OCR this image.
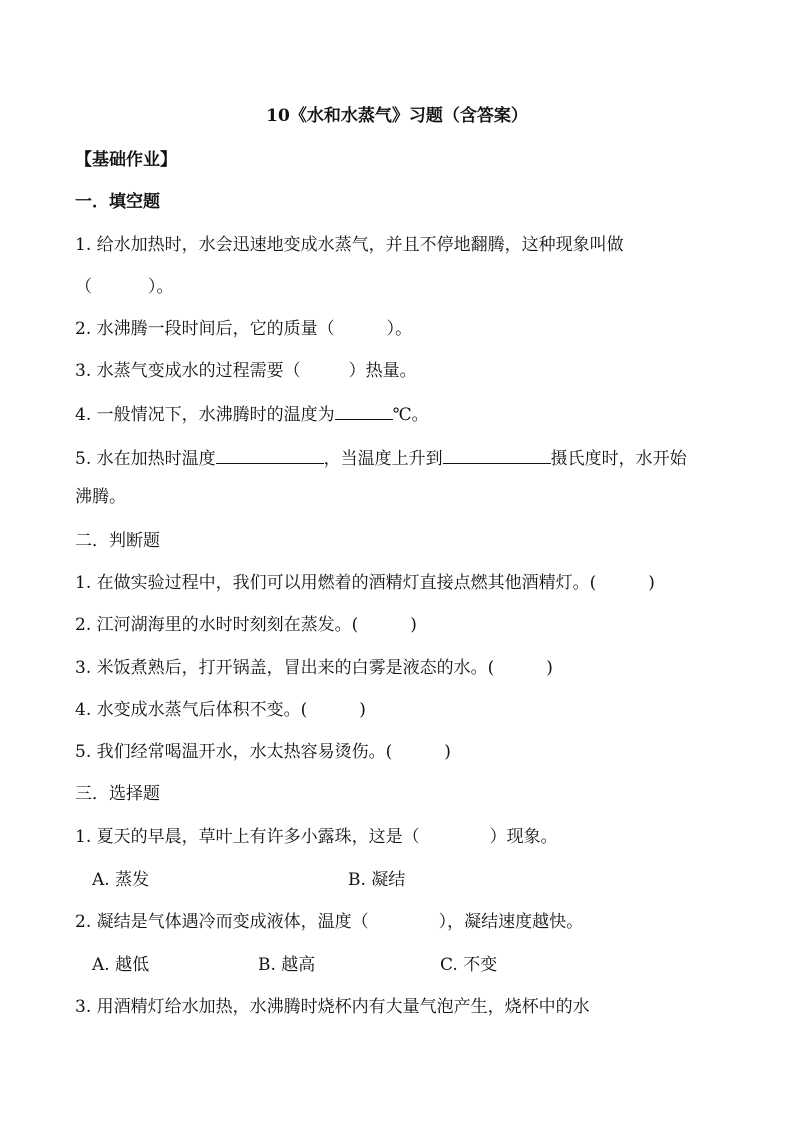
10《水和水蒸气》习题（含答案）
【基础作业】
一．填空题
1. 给水加热时，水会迅速地变成水蒸气，并且不停地翻腾，这种现象叫做
（	）。
2. 水沸腾一段时间后，它的质量（	）。
3. 水蒸气变成水的过程需要（	）热量。
4. 一般情况下，水沸腾时的温度为	℃。
5. 水在加热时温度	，当温度上升到	摄氏度时，水开始
沸腾。
二．判断题
1. 在做实验过程中，我们可以用燃着的酒精灯直接点燃其他酒精灯。(	)
2. 江河湖海里的水时时刻刻在蒸发。(	)
3. 米饭煮熟后，打开锅盖，冒出来的白雾是液态的水。(	)
4. 水变成水蒸气后体积不变。(	)
5. 我们经常喝温开水，水太热容易烫伤。(	)
三．选择题
1. 夏天的早晨，草叶上有许多小露珠，这是（	）现象。
A. 蒸发	B. 凝结
2. 凝结是气体遇冷而变成液体，温度（	），凝结速度越快。
A. 越低	B. 越高	C. 不变
3. 用酒精灯给水加热，水沸腾时烧杯内有大量气泡产生，烧杯中的水
